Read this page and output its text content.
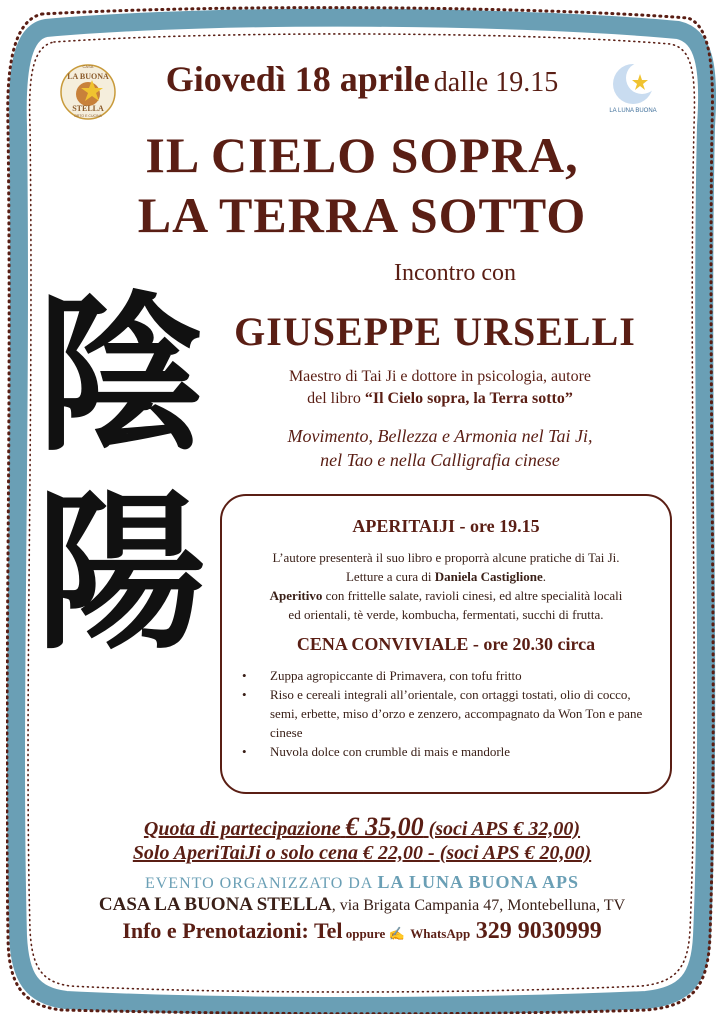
CASA
LA BUONA
STELLA
ORTO E CUCINA
LA LUNA BUONA
Giovedì 18 aprile dalle 19.15
IL CIELO SOPRA,
LA TERRA SOTTO
陰
陽
Incontro con
GIUSEPPE URSELLI
Maestro di Tai Ji e dottore in psicologia, autore
del libro “Il Cielo sopra, la Terra sotto”
Movimento, Bellezza e Armonia nel Tai Ji,
nel Tao e nella Calligrafia cinese
APERITAIJI - ore 19.15
L’autore presenterà il suo libro e proporrà alcune pratiche di Tai Ji.
Letture a cura di Daniela Castiglione.
Aperitivo con frittelle salate, ravioli cinesi, ed altre specialità locali
ed orientali, tè verde, kombucha, fermentati, succhi di frutta.
CENA CONVIVIALE - ore 20.30 circa
• Zuppa agropiccante di Primavera, con tofu fritto
• Riso e cereali integrali all’orientale, con ortaggi tostati, olio di cocco, semi, erbette, miso d’orzo e zenzero, accompagnato da Won Ton e pane cinese
• Nuvola dolce con crumble di mais e mandorle
Quota di partecipazione € 35,00 (soci APS € 32,00)
Solo AperiTaiJi o solo cena € 22,00 - (soci APS € 20,00)
EVENTO ORGANIZZATO DA LA LUNA BUONA APS
CASA LA BUONA STELLA, via Brigata Campania 47, Montebelluna, TV
Info e Prenotazioni: Tel oppure ✍ WhatsApp 329 9030999
